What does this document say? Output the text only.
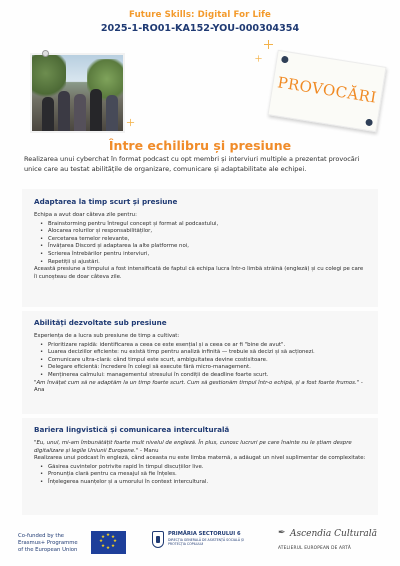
Future Skills: Digital For Life
2025-1-RO01-KA152-YOU-000304354
PROVOCĂRI
Între echilibru și presiune

Realizarea unui cyberchat în format podcast cu opt membri și interviuri multiple a prezentat provocări unice care au testat abilitățile de organizare, comunicare și adaptabilitate ale echipei.

Adaptarea la timp scurt și presiune

Echipa a avut doar câteva zile pentru:

• Brainstorming pentru întregul concept și format al podcastului,
• Alocarea rolurilor și responsabilităților,
• Cercetarea temelor relevante,
• Învățarea Discord și adaptarea la alte platforme noi,
• Scrierea întrebărilor pentru interviuri,
• Repetiții și ajustări.

Această presiune a timpului a fost intensificată de faptul că echipa lucra într-o limbă străină (engleză) și cu colegi pe care îi cunoșteau de doar câteva zile.

Abilități dezvoltate sub presiune

Experiența de a lucra sub presiune de timp a cultivat:

• Prioritizare rapidă: identificarea a ceea ce este esențial și a ceea ce ar fi "bine de avut".
• Luarea deciziilor eficiente: nu există timp pentru analiză infinită — trebuie să decizi și să acționezi.
• Comunicare ultra-clară: când timpul este scurt, ambiguitatea devine costisitoare.
• Delegare eficientă: încredere în colegi să execute fără micro-management.
• Menținerea calmului: managementul stresului în condiții de deadline foarte scurt.

"Am învățat cum să ne adaptăm la un timp foarte scurt. Cum să gestionăm timpul într-o echipă, și a fost foarte frumos." - Ana

Bariera lingvistică și comunicarea interculturală

"Eu, unul, mi-am îmbunătățit foarte mult nivelul de engleză. În plus, cunosc lucruri pe care înainte nu le știam despre digitalizare și legile Uniunii Europene." - Manu

Realizarea unui podcast în engleză, când aceasta nu este limba maternă, a adăugat un nivel suplimentar de complexitate:

• Găsirea cuvintelor potrivite rapid în timpul discuțiilor live.
• Pronunția clară pentru ca mesajul să fie înțeles.
• Înțelegerea nuanțelor și a umorului în context intercultural.
Co-funded by the
Erasmus+ Programme
of the European Union
★ ★
★
★
★
★
★
★
PRIMĂRIA SECTORULUI 6
DIRECȚIA GENERALĂ DE ASISTENȚĂ SOCIALĂ ȘI PROTECȚIA COPILULUI
✒ Ascendia Culturală
ATELIERUL EUROPEAN DE ARTĂ
